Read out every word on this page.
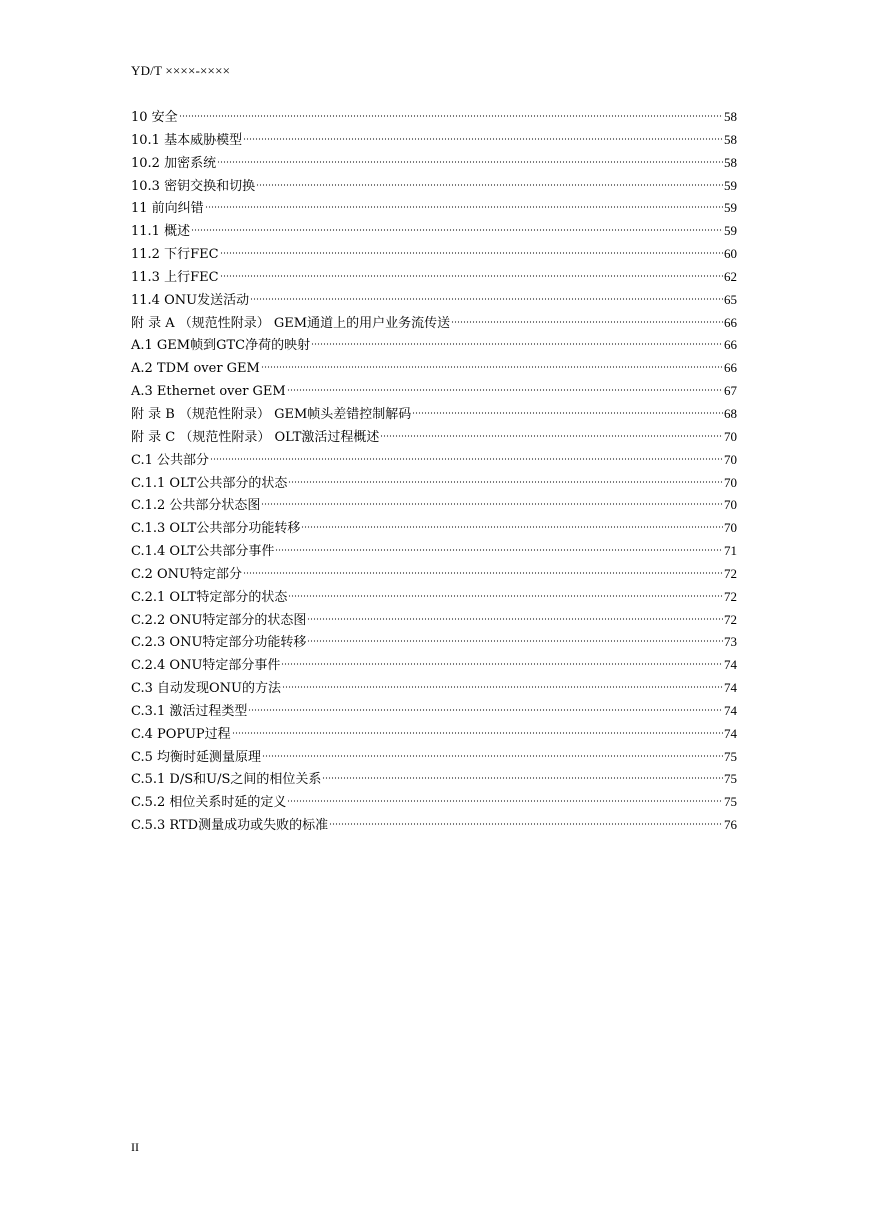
YD/T ××××-××××
10 安全	58
10.1 基本威胁模型	58
10.2 加密系统	58
10.3 密钥交换和切换	59
11 前向纠错	59
11.1 概述	59
11.2 下行FEC	60
11.3 上行FEC	62
11.4 ONU发送活动	65
附 录 A （规范性附录） GEM通道上的用户业务流传送	66
A.1 GEM帧到GTC净荷的映射	66
A.2 TDM over GEM	66
A.3 Ethernet over GEM	67
附 录 B （规范性附录） GEM帧头差错控制解码	68
附 录 C （规范性附录） OLT激活过程概述	70
C.1 公共部分	70
C.1.1 OLT公共部分的状态	70
C.1.2 公共部分状态图	70
C.1.3 OLT公共部分功能转移	70
C.1.4 OLT公共部分事件	71
C.2 ONU特定部分	72
C.2.1 OLT特定部分的状态	72
C.2.2 ONU特定部分的状态图	72
C.2.3 ONU特定部分功能转移	73
C.2.4 ONU特定部分事件	74
C.3 自动发现ONU的方法	74
C.3.1 激活过程类型	74
C.4 POPUP过程	74
C.5 均衡时延测量原理	75
C.5.1 D/S和U/S之间的相位关系	75
C.5.2 相位关系时延的定义	75
C.5.3 RTD测量成功或失败的标准	76
II
